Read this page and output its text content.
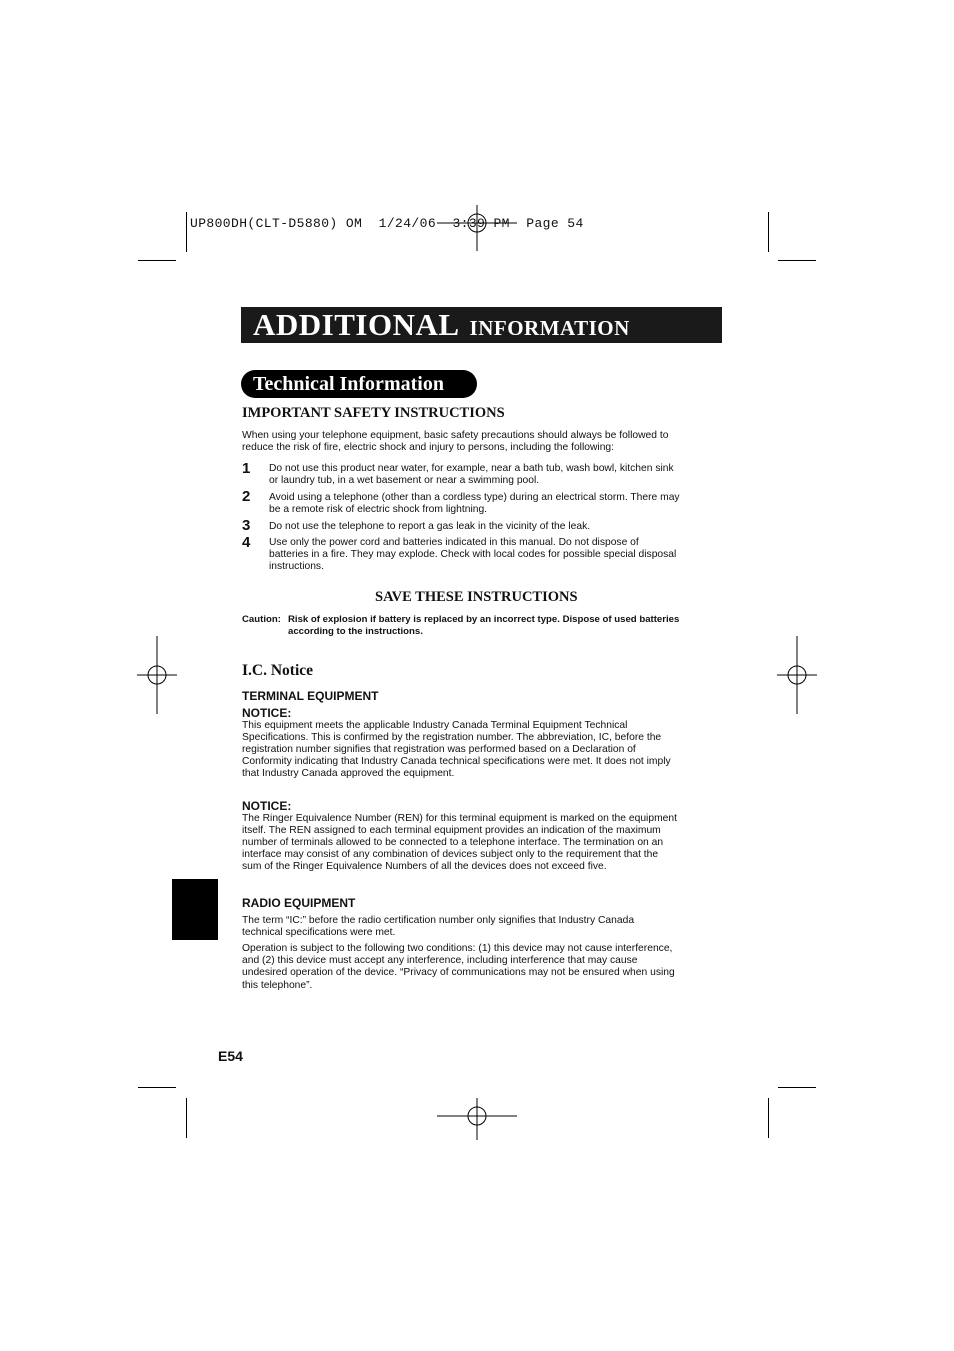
UP800DH(CLT-D5880) OM  1/24/06  3:39 PM  Page 54
ADDITIONAL INFORMATION
Technical Information
IMPORTANT SAFETY INSTRUCTIONS
When using your telephone equipment, basic safety precautions should always be followed to
reduce the risk of fire, electric shock and injury to persons, including the following:
1 Do not use this product near water, for example, near a bath tub, wash bowl, kitchen sink
or laundry tub, in a wet basement or near a swimming pool.
2 Avoid using a telephone (other than a cordless type) during an electrical storm. There may
be a remote risk of electric shock from lightning.
3 Do not use the telephone to report a gas leak in the vicinity of the leak.
4 Use only the power cord and batteries indicated in this manual. Do not dispose of
batteries in a fire. They may explode. Check with local codes for possible special disposal
instructions.
SAVE THESE INSTRUCTIONS
Caution: Risk of explosion if battery is replaced by an incorrect type. Dispose of used batteries
according to the instructions.
I.C. Notice
TERMINAL EQUIPMENT
NOTICE:
This equipment meets the applicable Industry Canada Terminal Equipment Technical
Specifications. This is confirmed by the registration number. The abbreviation, IC, before the
registration number signifies that registration was performed based on a Declaration of
Conformity indicating that Industry Canada technical specifications were met. It does not imply
that Industry Canada approved the equipment.
NOTICE:
The Ringer Equivalence Number (REN) for this terminal equipment is marked on the equipment
itself. The REN assigned to each terminal equipment provides an indication of the maximum
number of terminals allowed to be connected to a telephone interface. The termination on an
interface may consist of any combination of devices subject only to the requirement that the
sum of the Ringer Equivalence Numbers of all the devices does not exceed five.
RADIO EQUIPMENT
The term “IC:” before the radio certification number only signifies that Industry Canada
technical specifications were met.
Operation is subject to the following two conditions: (1) this device may not cause interference,
and (2) this device must accept any interference, including interference that may cause
undesired operation of the device. “Privacy of communications may not be ensured when using
this telephone”.
E54
